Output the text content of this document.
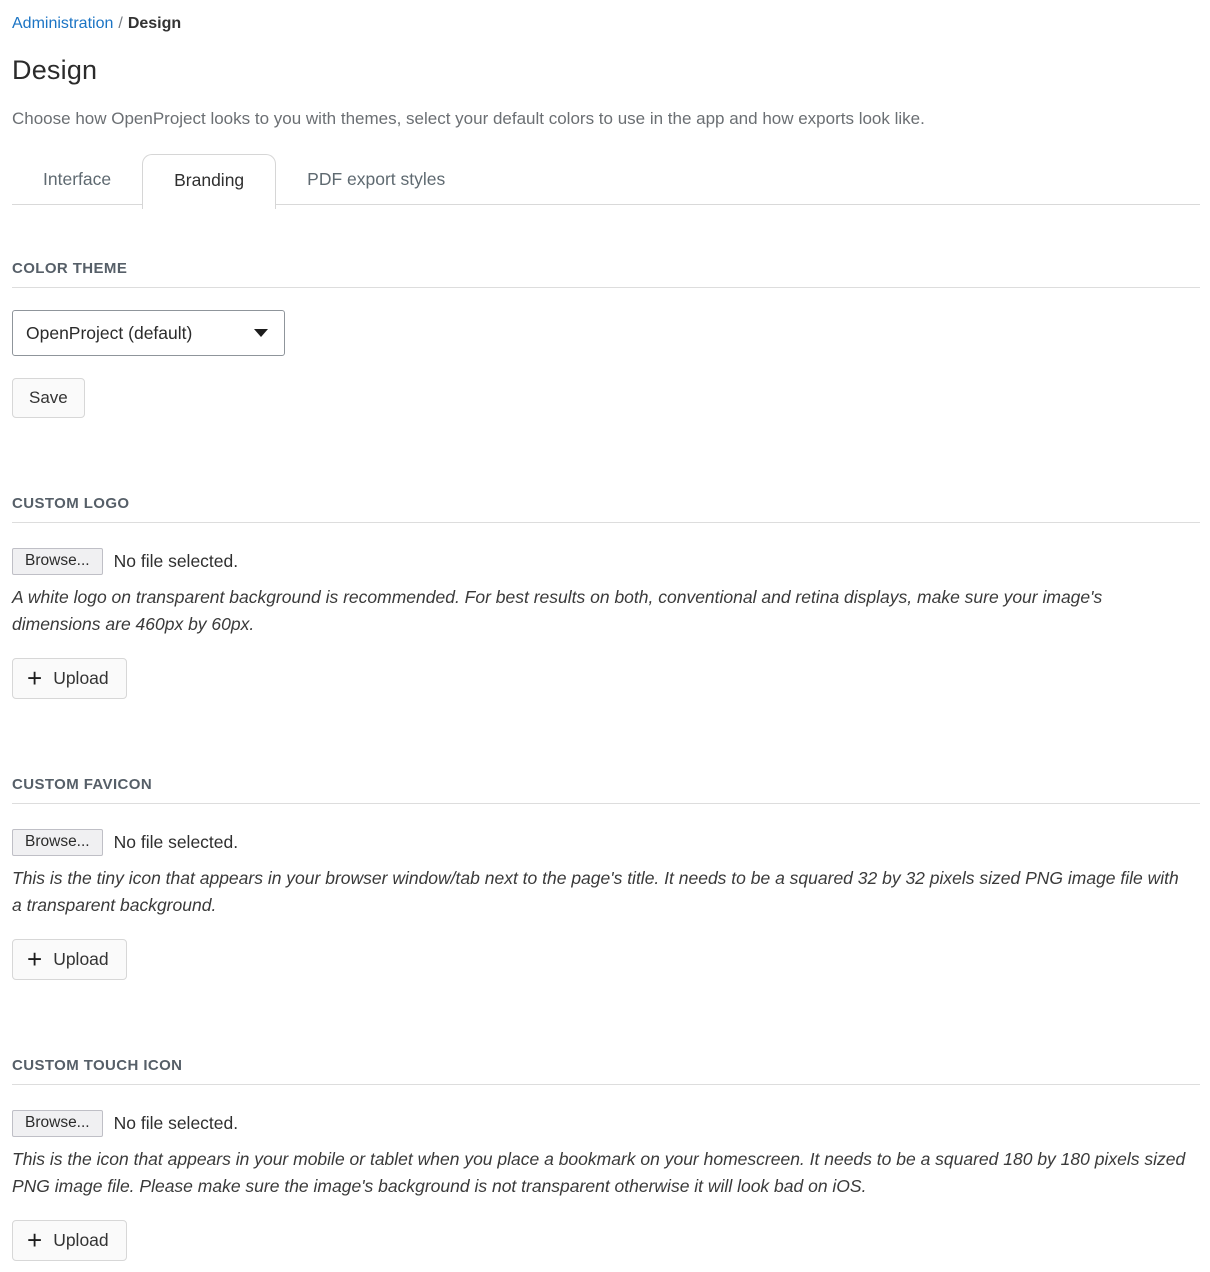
Administration / Design
Design

Choose how OpenProject looks to you with themes, select your default colors to use in the app and how exports look like.

Interface	Branding	PDF export styles
COLOR THEME
OpenProject (default)
Save
CUSTOM LOGO
Browse...	No file selected.

A white logo on transparent background is recommended. For best results on both, conventional and retina displays, make sure your image's dimensions are 460px by 60px.

+ Upload
CUSTOM FAVICON
Browse...	No file selected.

This is the tiny icon that appears in your browser window/tab next to the page's title. It needs to be a squared 32 by 32 pixels sized PNG image file with a transparent background.

+ Upload
CUSTOM TOUCH ICON
Browse...	No file selected.

This is the icon that appears in your mobile or tablet when you place a bookmark on your homescreen. It needs to be a squared 180 by 180 pixels sized PNG image file. Please make sure the image's background is not transparent otherwise it will look bad on iOS.

+ Upload
